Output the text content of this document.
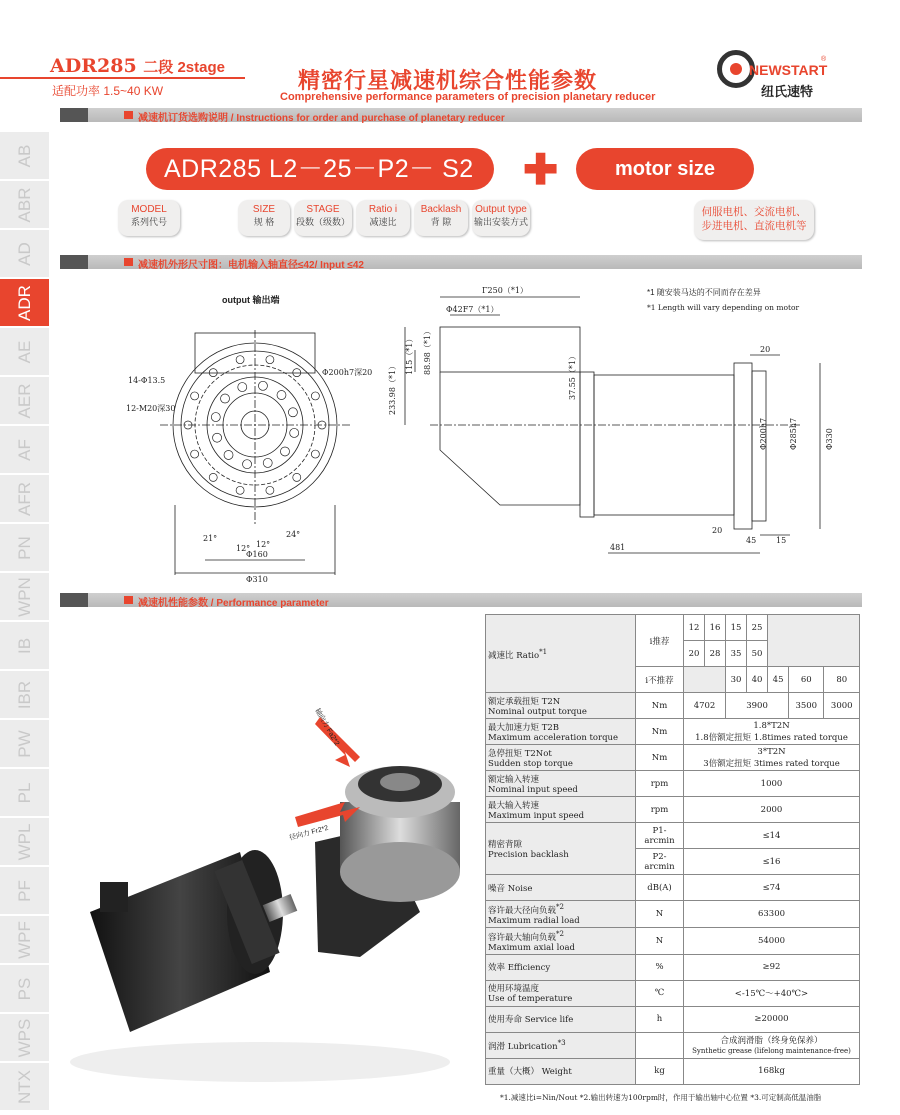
AB
ABR
AD
ADR
AE
AER
AF
AFR
PN
WPN
IB
IBR
PW
PL
WPL
PF
WPF
PS
WPS
NTX
ADR285 二段 2stage
适配功率 1.5~40 KW	精密行星减速机综合性能参数
Comprehensive performance parameters of precision planetary reducer
NEWSTART
®
纽氏速特
减速机订货选购说明 / Instructions for order and purchase of planetary reducer
ADR285 L2－25－P2－ S2	✚	motor size
MODEL
系列代号
SIZE
规 格
STAGE
段数（级数）
Ratio i
减速比
Backlash
背 隙
Output type
输出安装方式
伺服电机、交流电机、
步进电机、直流电机等
减速机外形尺寸图：电机输入轴直径≤42/ Input ≤42
output 输出端
14-Φ13.5
12-M20深30
Φ200h7深20
Φ160
Φ310
21°
12° 12°
24°
Γ250（*1）
Φ42F7（*1）
115（*1） 88.98（*1）
233.98（*1）	37.55（*1）
Φ200h7	Φ285h7	Φ330
20
20
45 15
481
*1 随安装马达的不同而存在差异
*1 Length will vary depending on motor
减速机性能参数 / Performance parameter
轴向力 Fa2*2
径向力 Fr2*2
减速比 Ratio$^{*1}$	i推荐	12	16	15	25			
		20	28	35	50			
	i不推荐			30	40	45	60	80
额定承载扭矩 T2N
Nominal output torque	Nm	4702		3900			3500	3000
最大加速力矩 T2B
Maximum acceleration torque	Nm	1.8*T2N
1.8倍额定扭矩 1.8times rated torque						
急停扭矩 T2Not
Sudden stop torque	Nm	3*T2N
3倍额定扭矩 3times rated torque						
额定输入转速
Nominal input speed	rpm	1000						
最大输入转速
Maximum input speed	rpm	2000						
精密背隙
Precision backlash	P1-arcmin	≤14						
	P2-arcmin	≤16						
噪音 Noise	dB(A)	≤74						
容许最大径向负载$^{*2}$
Maximum radial load	N	63300						
容许最大轴向负载$^{*2}$
Maximum axial load	N	54000						
效率 Efficiency	%	≥92						
使用环境温度
Use of temperature	℃	<-15℃～+40℃>						
使用寿命 Service life	h	≥20000						
润滑 Lubrication$^{*3}$		合成润滑脂（终身免保养）
Synthetic grease (lifelong maintenance-free)						
重量（大概） Weight	kg	168kg						
*1.减速比i=Nin/Nout *2.输出转速为100rpm时，作用于输出轴中心位置 *3.可定制高低温油脂
